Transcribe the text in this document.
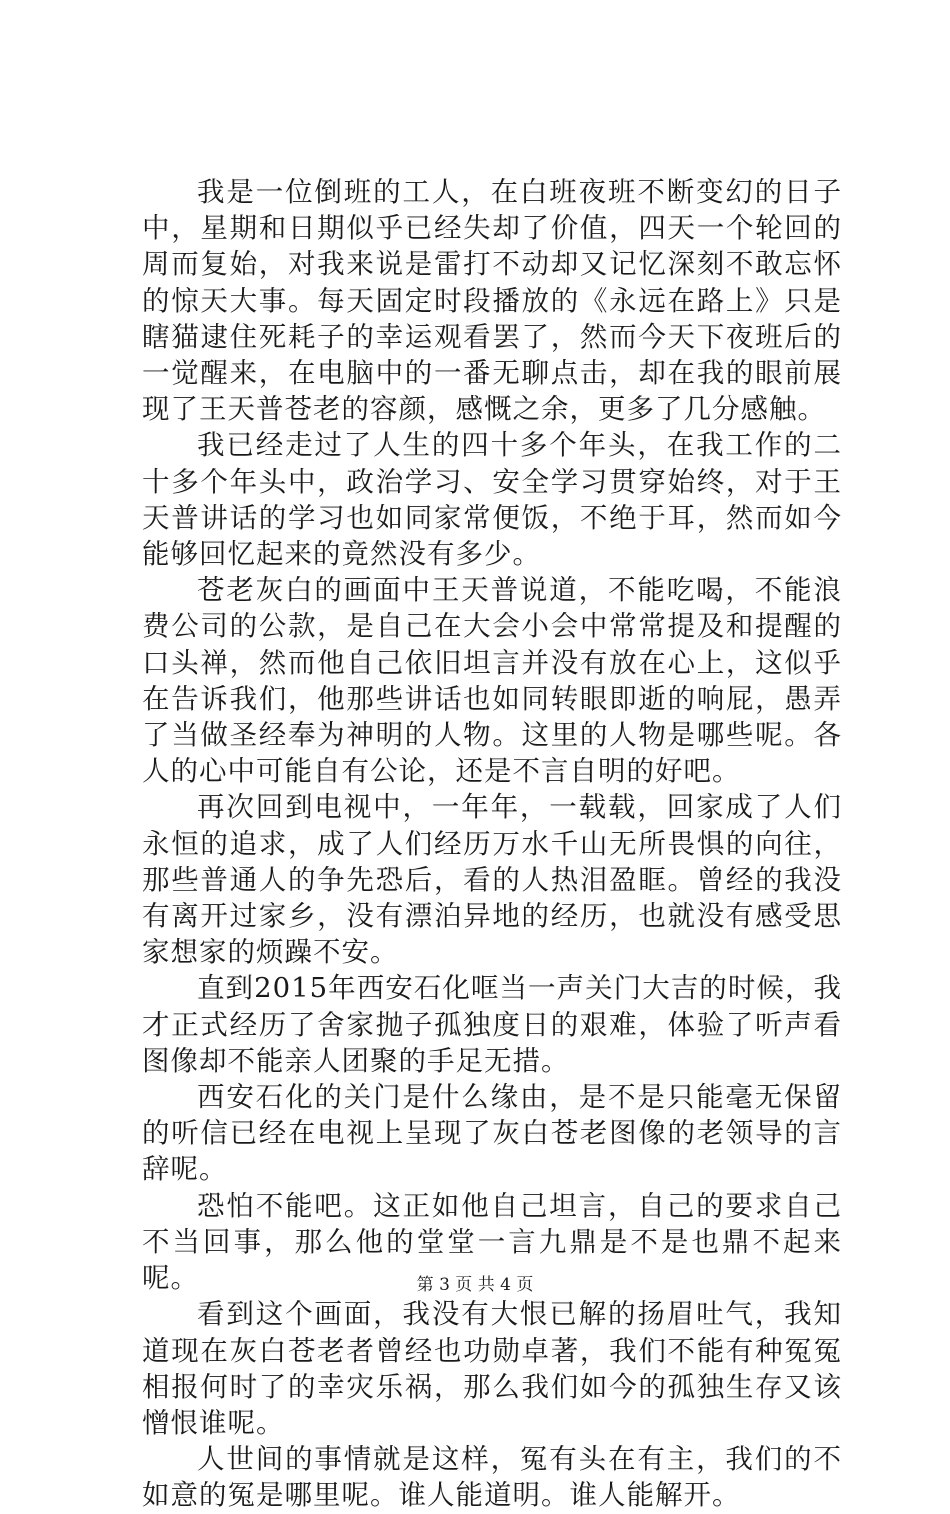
我是一位倒班的工人，在白班夜班不断变幻的日子中，星期和日期似乎已经失却了价值，四天一个轮回的周而复始，对我来说是雷打不动却又记忆深刻不敢忘怀的惊天大事。每天固定时段播放的《永远在路上》只是瞎猫逮住死耗子的幸运观看罢了，然而今天下夜班后的一觉醒来，在电脑中的一番无聊点击，却在我的眼前展现了王天普苍老的容颜，感慨之余，更多了几分感触。

我已经走过了人生的四十多个年头，在我工作的二十多个年头中，政治学习、安全学习贯穿始终，对于王天普讲话的学习也如同家常便饭，不绝于耳，然而如今能够回忆起来的竟然没有多少。

苍老灰白的画面中王天普说道，不能吃喝，不能浪费公司的公款，是自己在大会小会中常常提及和提醒的口头禅，然而他自己依旧坦言并没有放在心上，这似乎在告诉我们，他那些讲话也如同转眼即逝的响屁，愚弄了当做圣经奉为神明的人物。这里的人物是哪些呢。各人的心中可能自有公论，还是不言自明的好吧。

再次回到电视中，一年年，一载载，回家成了人们永恒的追求，成了人们经历万水千山无所畏惧的向往，那些普通人的争先恐后，看的人热泪盈眶。曾经的我没有离开过家乡，没有漂泊异地的经历，也就没有感受思家想家的烦躁不安。

直到2015年西安石化哐当一声关门大吉的时候，我才正式经历了舍家抛子孤独度日的艰难，体验了听声看图像却不能亲人团聚的手足无措。

西安石化的关门是什么缘由，是不是只能毫无保留的听信已经在电视上呈现了灰白苍老图像的老领导的言辞呢。

恐怕不能吧。这正如他自己坦言，自己的要求自己不当回事，那么他的堂堂一言九鼎是不是也鼎不起来呢。

看到这个画面，我没有大恨已解的扬眉吐气，我知道现在灰白苍老者曾经也功勋卓著，我们不能有种冤冤相报何时了的幸灾乐祸，那么我们如今的孤独生存又该憎恨谁呢。

人世间的事情就是这样，冤有头在有主，我们的不如意的冤是哪里呢。谁人能道明。谁人能解开。

第 3 页 共 4 页
